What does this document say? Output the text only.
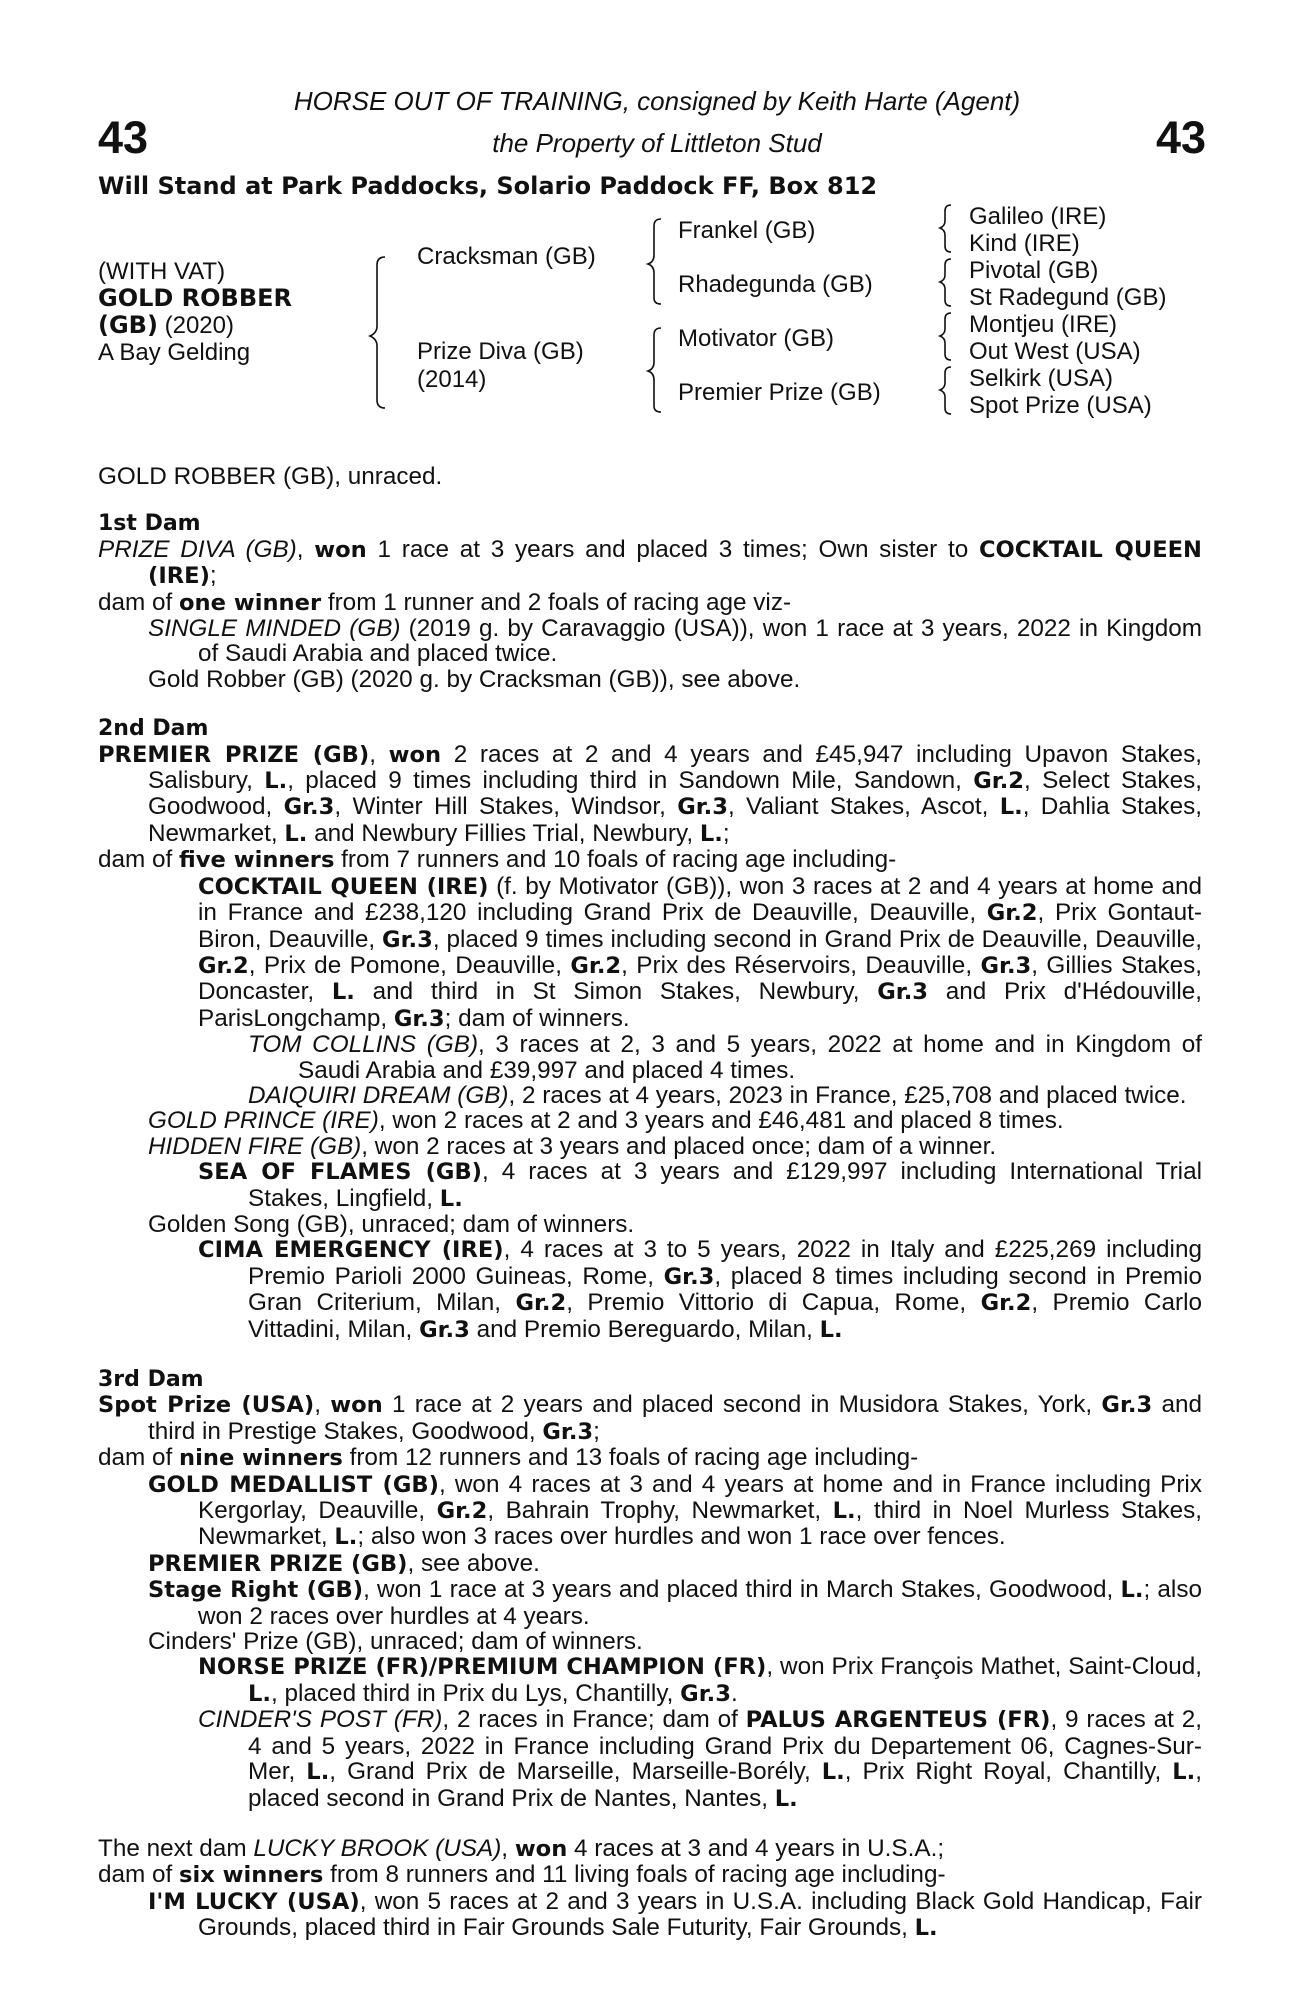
43	43
HORSE OUT OF TRAINING, consigned by Keith Harte (Agent)
the Property of Littleton Stud
Will Stand at Park Paddocks, Solario Paddock FF, Box 812
(WITH VAT)
GOLD ROBBER
(GB) (2020)
A Bay Gelding
Cracksman (GB)
Prize Diva (GB)
(2014)
Frankel (GB)
Rhadegunda (GB)
Motivator (GB)
Premier Prize (GB)
Galileo (IRE)
Kind (IRE)
Pivotal (GB)
St Radegund (GB)
Montjeu (IRE)
Out West (USA)
Selkirk (USA)
Spot Prize (USA)

GOLD ROBBER (GB), unraced.

1st Dam

PRIZE DIVA (GB), won 1 race at 3 years and placed 3 times; Own sister to COCKTAIL QUEEN (IRE);

dam of one winner from 1 runner and 2 foals of racing age viz-

SINGLE MINDED (GB) (2019 g. by Caravaggio (USA)), won 1 race at 3 years, 2022 in Kingdom of Saudi Arabia and placed twice.

Gold Robber (GB) (2020 g. by Cracksman (GB)), see above.

2nd Dam

PREMIER PRIZE (GB), won 2 races at 2 and 4 years and £45,947 including Upavon Stakes, Salisbury, L., placed 9 times including third in Sandown Mile, Sandown, Gr.2, Select Stakes, Goodwood, Gr.3, Winter Hill Stakes, Windsor, Gr.3, Valiant Stakes, Ascot, L., Dahlia Stakes, Newmarket, L. and Newbury Fillies Trial, Newbury, L.;

dam of five winners from 7 runners and 10 foals of racing age including-

COCKTAIL QUEEN (IRE) (f. by Motivator (GB)), won 3 races at 2 and 4 years at home and in France and £238,120 including Grand Prix de Deauville, Deauville, Gr.2, Prix Gontaut-Biron, Deauville, Gr.3, placed 9 times including second in Grand Prix de Deauville, Deauville, Gr.2, Prix de Pomone, Deauville, Gr.2, Prix des Réservoirs, Deauville, Gr.3, Gillies Stakes, Doncaster, L. and third in St Simon Stakes, Newbury, Gr.3 and Prix d'Hédouville, ParisLongchamp, Gr.3; dam of winners.

TOM COLLINS (GB), 3 races at 2, 3 and 5 years, 2022 at home and in Kingdom of Saudi Arabia and £39,997 and placed 4 times.

DAIQUIRI DREAM (GB), 2 races at 4 years, 2023 in France, £25,708 and placed twice.

GOLD PRINCE (IRE), won 2 races at 2 and 3 years and £46,481 and placed 8 times.

HIDDEN FIRE (GB), won 2 races at 3 years and placed once; dam of a winner.

SEA OF FLAMES (GB), 4 races at 3 years and £129,997 including International Trial Stakes, Lingfield, L.

Golden Song (GB), unraced; dam of winners.

CIMA EMERGENCY (IRE), 4 races at 3 to 5 years, 2022 in Italy and £225,269 including Premio Parioli 2000 Guineas, Rome, Gr.3, placed 8 times including second in Premio Gran Criterium, Milan, Gr.2, Premio Vittorio di Capua, Rome, Gr.2, Premio Carlo Vittadini, Milan, Gr.3 and Premio Bereguardo, Milan, L.

3rd Dam

Spot Prize (USA), won 1 race at 2 years and placed second in Musidora Stakes, York, Gr.3 and third in Prestige Stakes, Goodwood, Gr.3;

dam of nine winners from 12 runners and 13 foals of racing age including-

GOLD MEDALLIST (GB), won 4 races at 3 and 4 years at home and in France including Prix Kergorlay, Deauville, Gr.2, Bahrain Trophy, Newmarket, L., third in Noel Murless Stakes, Newmarket, L.; also won 3 races over hurdles and won 1 race over fences.

PREMIER PRIZE (GB), see above.

Stage Right (GB), won 1 race at 3 years and placed third in March Stakes, Goodwood, L.; also won 2 races over hurdles at 4 years.

Cinders' Prize (GB), unraced; dam of winners.

NORSE PRIZE (FR)/PREMIUM CHAMPION (FR), won Prix François Mathet, Saint-Cloud, L., placed third in Prix du Lys, Chantilly, Gr.3.

CINDER'S POST (FR), 2 races in France; dam of PALUS ARGENTEUS (FR), 9 races at 2, 4 and 5 years, 2022 in France including Grand Prix du Departement 06, Cagnes-Sur-Mer, L., Grand Prix de Marseille, Marseille-Borély, L., Prix Right Royal, Chantilly, L., placed second in Grand Prix de Nantes, Nantes, L.

The next dam LUCKY BROOK (USA), won 4 races at 3 and 4 years in U.S.A.;

dam of six winners from 8 runners and 11 living foals of racing age including-

I'M LUCKY (USA), won 5 races at 2 and 3 years in U.S.A. including Black Gold Handicap, Fair Grounds, placed third in Fair Grounds Sale Futurity, Fair Grounds, L.
